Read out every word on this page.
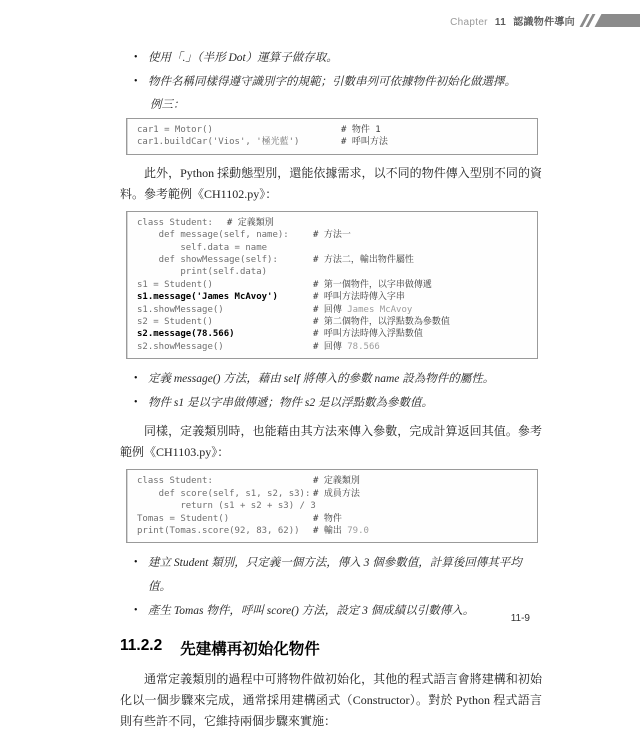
Chapter 11 認識物件導向
• 使用「.」（半形 Dot）運算子做存取。
• 物件名稱同樣得遵守識別字的規範；引數串列可依據物件初始化做選擇。
例三：
car1 = Motor()	# 物件 1
car1.buildCar('Vios', '極光藍')	# 呼叫方法

此外，Python 採動態型別，還能依據需求，以不同的物件傳入型別不同的資料。參考範例《CH1102.py》：

class Student: # 定義類別
def message(self, name):	# 方法一
self.data = name
def showMessage(self):	# 方法二，輸出物件屬性
print(self.data)
s1 = Student()	# 第一個物件，以字串做傳遞
s1.message('James McAvoy')	# 呼叫方法時傳入字串
s1.showMessage()	# 回傳 James McAvoy
s2 = Student()	# 第二個物件，以浮點數為參數值
s2.message(78.566)	# 呼叫方法時傳入浮點數值
s2.showMessage()	# 回傳 78.566
• 定義 message() 方法，藉由 self 將傳入的參數 name 設為物件的屬性。
• 物件 s1 是以字串做傳遞；物件 s2 是以浮點數為參數值。

同樣，定義類別時，也能藉由其方法來傳入參數，完成計算返回其值。參考範例《CH1103.py》：

class Student:	# 定義類別
def score(self, s1, s2, s3): # 成員方法
return (s1 + s2 + s3) / 3
Tomas = Student()	# 物件
print(Tomas.score(92, 83, 62))	# 輸出 79.0
• 建立 Student 類別，只定義一個方法，傳入 3 個參數值，計算後回傳其平均值。
• 產生 Tomas 物件，呼叫 score() 方法，設定 3 個成績以引數傳入。
11.2.2 先建構再初始化物件

通常定義類別的過程中可將物件做初始化，其他的程式語言會將建構和初始化以一個步驟來完成，通常採用建構函式（Constructor）。對於 Python 程式語言則有些許不同，它維持兩個步驟來實施：

11-9
